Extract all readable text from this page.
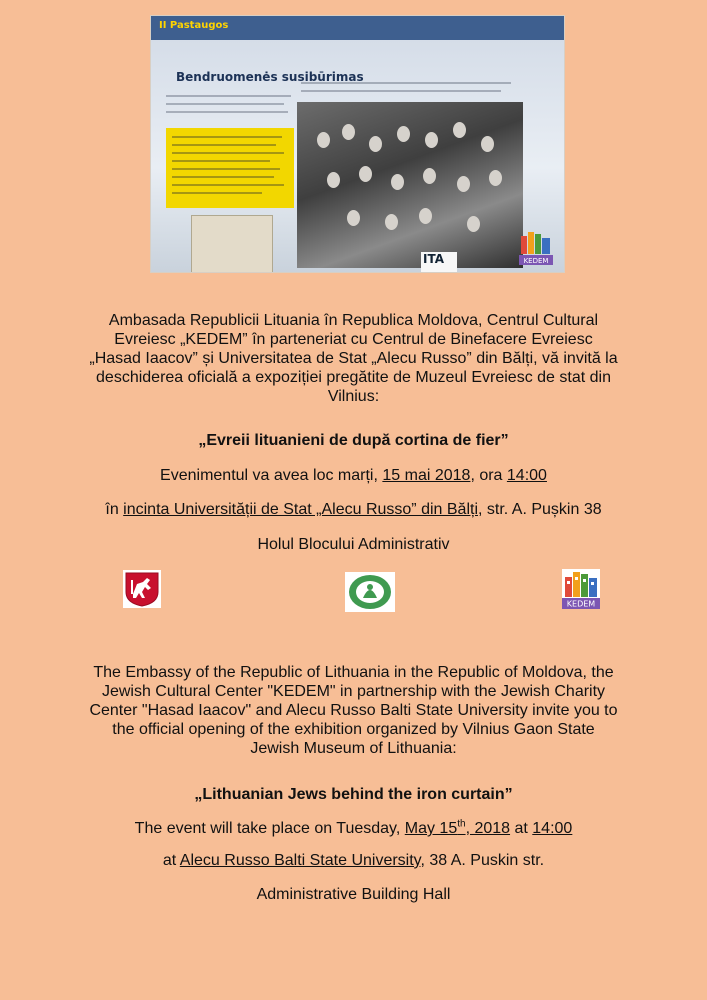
II Pastaugos
Bendruomenės susibūrimas
ITA	KEDEM
Ambasada Republicii Lituania în Republica Moldova, Centrul Cultural
Evreiesc „KEDEM” în parteneriat cu Centrul de Binefacere Evreiesc
„Hasad Iaacov” și Universitatea de Stat „Alecu Russo” din Bălți, vă invită la
deschiderea oficială a expoziției pregătite de Muzeul Evreiesc de stat din
Vilnius:
„Evreii lituanieni de după cortina de fier”
Evenimentul va avea loc marți, 15 mai 2018, ora 14:00
în incinta Universității de Stat „Alecu Russo” din Bălți, str. A. Pușkin 38
Holul Blocului Administrativ
KEDEM
The Embassy of the Republic of Lithuania in the Republic of Moldova, the
Jewish Cultural Center "KEDEM" in partnership with the Jewish Charity
Center "Hasad Iaacov" and Alecu Russo Balti State University invite you to
the official opening of the exhibition organized by Vilnius Gaon State
Jewish Museum of Lithuania:
„Lithuanian Jews behind the iron curtain”
The event will take place on Tuesday, May 15th, 2018 at 14:00
at Alecu Russo Balti State University, 38 A. Puskin str.
Administrative Building Hall
